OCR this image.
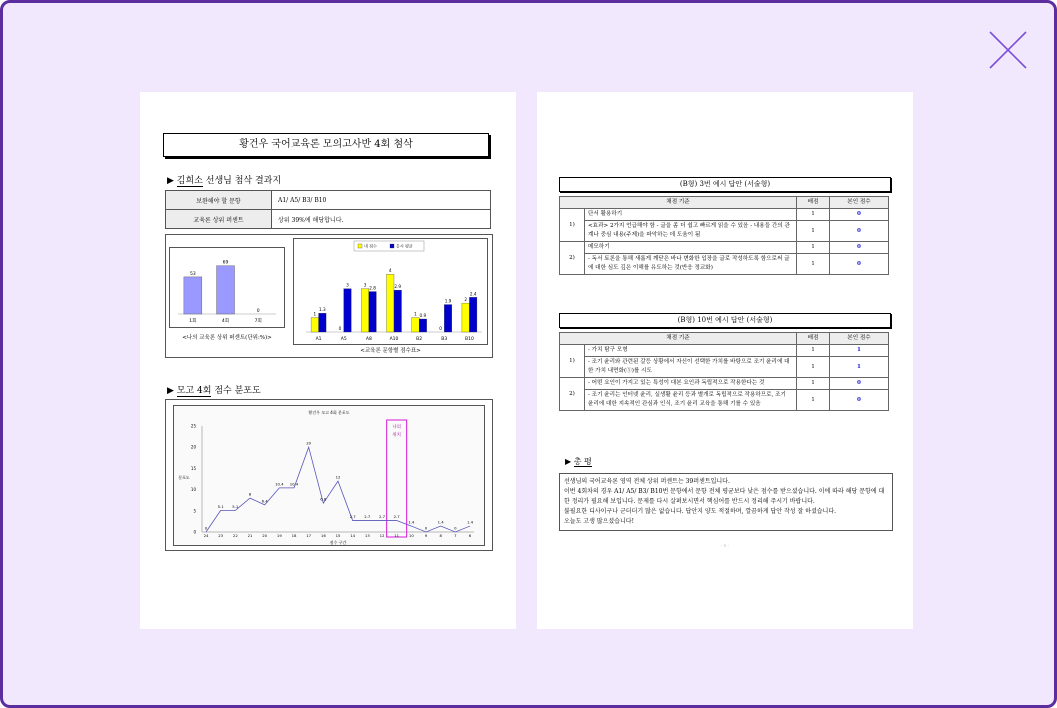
황건우 국어교육론 모의고사반 4회 첨삭
▶ 김희소 선생님 첨삭 결과지
보완해야 할 문항	A1/ A5/ B3/ B10
교육론 상위 퍼센트	상위 39%에 해당합니다.
53
1회
69
4회
0
7회
<나의 교육론 상위 퍼센트(단위:%)>
내 점수	응시 평균
1
1.3
A1
0
3
A5
3
2.8
A8
4
2.9
A10
1 0.9
B2
0
1.9
B3
2
2.4
B10
<교육론 문항별 점수표>
▶ 모고 4회 점수 분포도
황건우 모고 4회 분포도
0
5
10
15
20
25
분포도
점수 구간
나의
위치
0
24
5.1
23
5.1
22
8
21
6.4
20
10.4
19
10.4
18
20
17
6.8
16
12
15
2.7
14
2.7
13
2.7
12
2.7
11
1.4
10
0
9
1.4
8
0
7
1.4
6
(B형) 3번 예시 답안 (서술형)
채점 기준		배점	본인 점수
1)	단서 활용하기	1	0
	<효과> 2가지 언급해야 함 - 글을 좀 더 쉽고 빠르게 읽을 수 있음 - 내용들 간의 관계나 중심 내용(주제)을 파악하는 데 도움이 됨	1	0
2)	메모하기	1	0
	- 독서 토론을 통해 새롭게 깨닫은 바나 변화한 입장을 글로 작성하도록 함으로써 글에 대한 심도 깊은 이해를 유도하는 것(반응 정교화)	1	0
(B형) 10번 예시 답안 (서술형)
채점 기준		배점	본인 점수
1)	- 가치 탐구 모형	1	1
	- 조기 윤리와 관련된 갈등 상황에서 자신이 선택한 가치를 바탕으로 조기 윤리에 대한 가치 내면화(⑤)를 시도	1	1
2)	- 어떤 요인이 가지고 있는 특성이 대본 요인과 독립적으로 작용한다는 것	1	0
	- 조기 윤리는 인터넷 윤리, 실생활 윤리 등과 별개로 독립적으로 작용하므로, 조기 윤리에 대한 지속적인 관심과 인식, 조기 윤리 교육을 통해 기를 수 있음	1	0
▶ 총 평

선생님의 국어교육론 영역 전체 상위 퍼센트는 39퍼센트입니다.

이번 4회차의 경우 A1/ A5/ B3/ B10번 문항에서 문항 전체 평균보다 낮은 점수를 받으셨습니다. 이에 따라 해당 문항에 대한 정리가 필요해 보입니다. 문제를 다시 살펴보시면서 핵심어를 반드시 정리해 주시기 바랍니다.

불필요한 디사이구나 군더더기 많은 없습니다. 답안지 양도 적절하며, 깔끔하게 답안 작성 잘 하셨습니다.

오늘도 고생 많으셨습니다!

- 1 -
